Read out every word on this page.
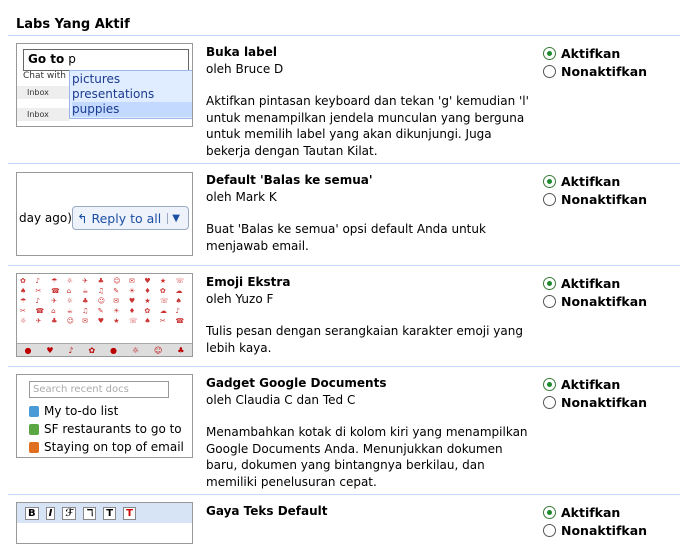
Labs Yang Aktif
Go to p
Chat with
Inbox
Inbox
pictures
presentations
puppies
Buka label
oleh Bruce D
Aktifkan pintasan keyboard dan tekan 'g' kemudian 'l' untuk menampilkan jendela munculan yang berguna untuk memilih label yang akan dikunjungi. Juga bekerja dengan Tautan Kilat.
Aktifkan
Nonaktifkan
day ago) ↰ Reply to all	▼
Default 'Balas ke semua'
oleh Mark K
Buat 'Balas ke semua' opsi default Anda untuk menjawab email.
Aktifkan
Nonaktifkan
✿	♪	☂	☼	✈	♣	☺	✉	♥	★	☏
♠	✂	☎ ⌂	☕	♫	✎	☀	♦	✿	☁
☂	♪	✈	☼	♣	☺	✉	♥	★	☏ ♠
✂	☎ ⌂	☕	♫	✎	☀	♦	✿	☁	♪
☼	✈	♣	☺	✉	♥	★	☏ ♠	✂	☎
● ♥ ♪ ✿ ● ☼ ☺ ♣
Emoji Ekstra
oleh Yuzo F
Tulis pesan dengan serangkaian karakter emoji yang lebih kaya.
Aktifkan
Nonaktifkan
Search recent docs
My to-do list
SF restaurants to go to
Staying on top of email
Gadget Google Documents
oleh Claudia C dan Ted C
Menambahkan kotak di kolom kiri yang menampilkan Google Documents Anda. Menunjukkan dokumen baru, dokumen yang bintangnya berkilau, dan memiliki penelusuran cepat.
Aktifkan
Nonaktifkan
B	I	ℱ	ℸ	T	T	Gaya Teks Default	Aktifkan
Nonaktifkan
